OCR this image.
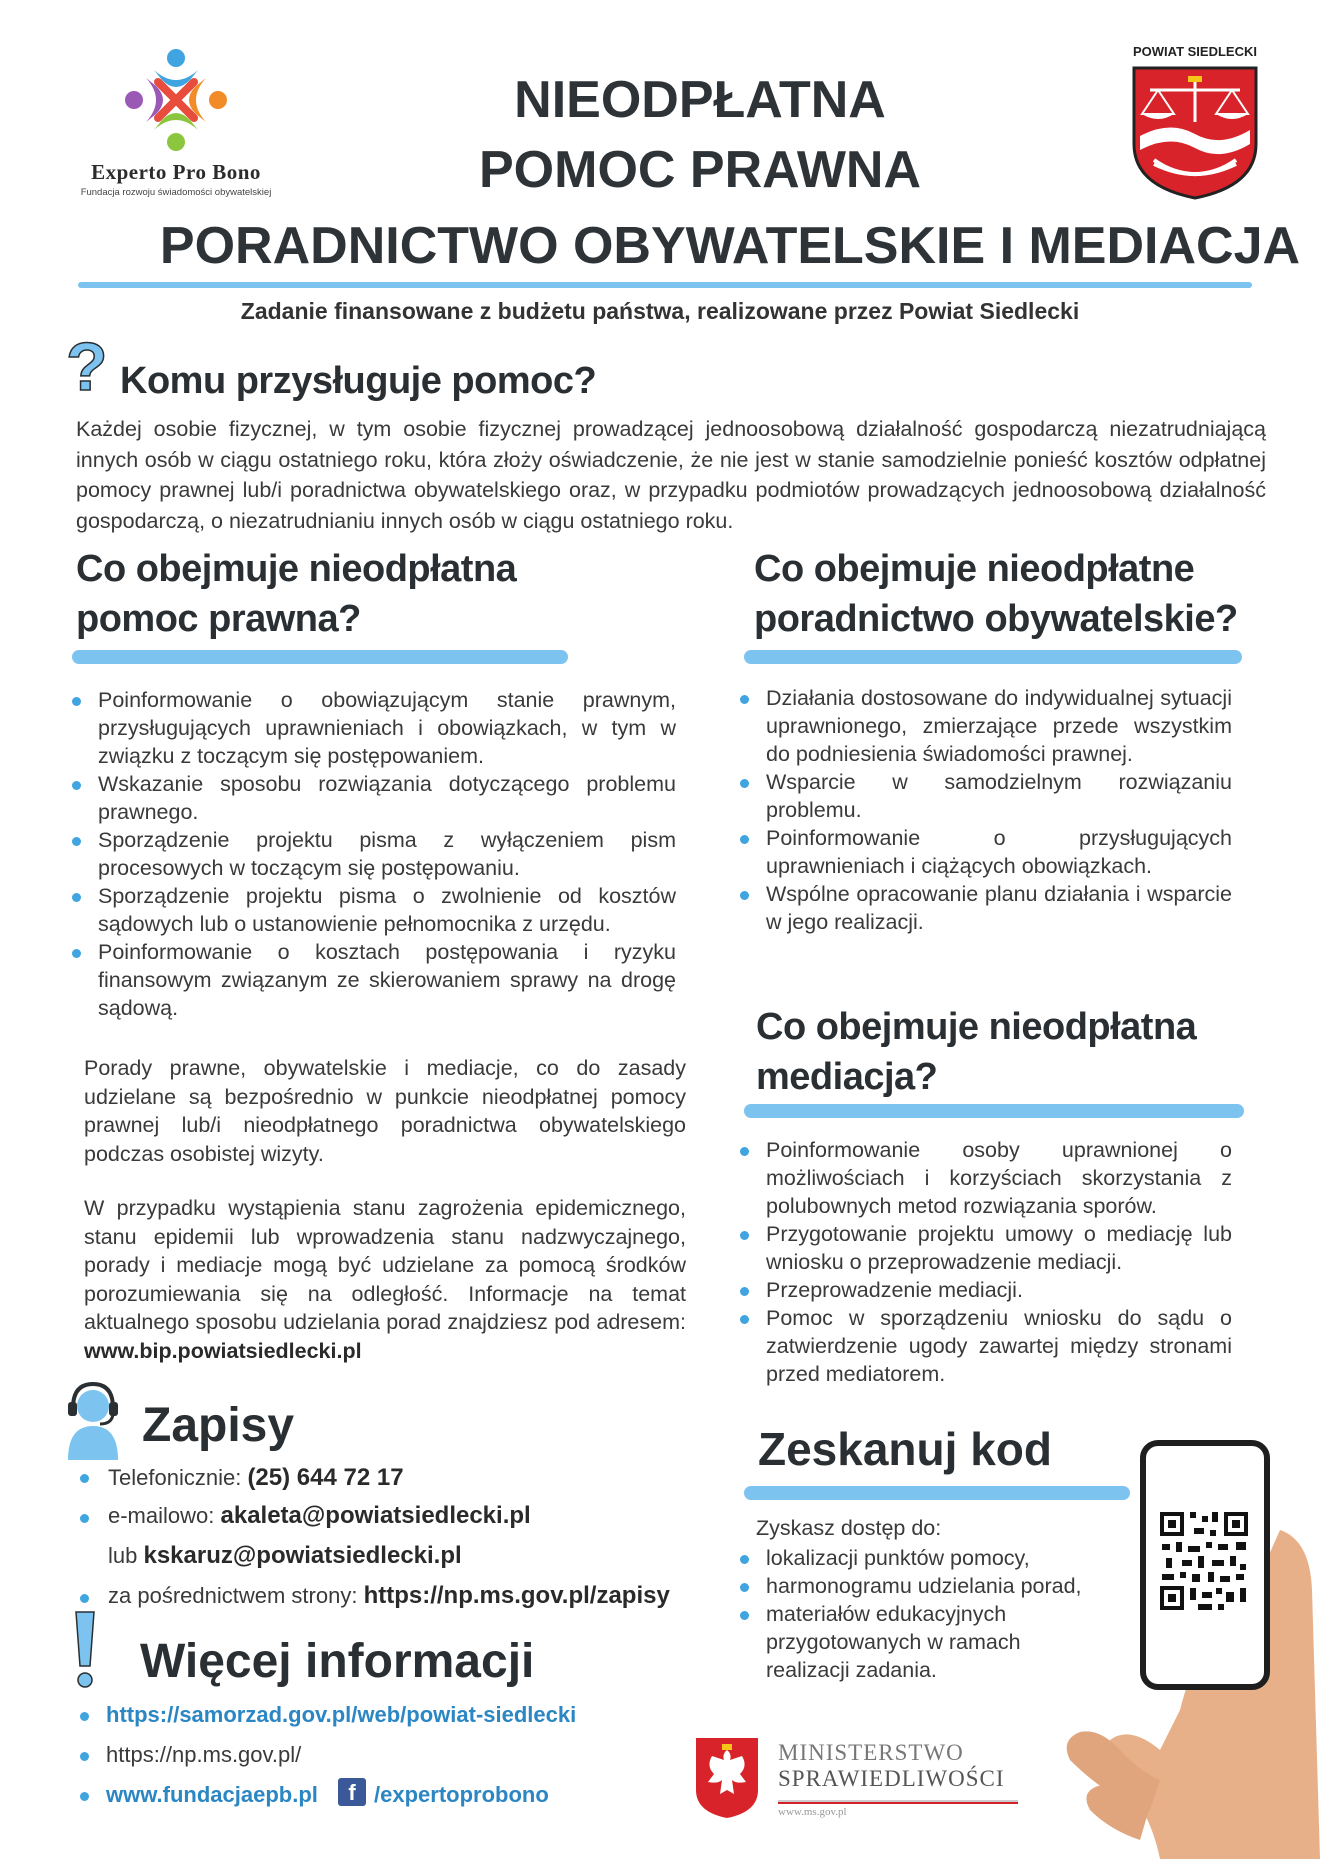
Experto Pro Bono
Fundacja rozwoju świadomości obywatelskiej
NIEODPŁATNA
POMOC PRAWNA
PORADNICTWO OBYWATELSKIE I MEDIACJA
POWIAT SIEDLECKI
Zadanie finansowane z budżetu państwa, realizowane przez Powiat Siedlecki
? Komu przysługuje pomoc?
Każdej osobie fizycznej, w tym osobie fizycznej prowadzącej jednoosobową działalność gospodarczą niezatrudniającą innych osób w ciągu ostatniego roku, która złoży oświadczenie, że nie jest w stanie samodzielnie ponieść kosztów odpłatnej pomocy prawnej lub/i poradnictwa obywatelskiego oraz, w przypadku podmiotów prowadzących jednoosobową działalność gospodarczą, o niezatrudnianiu innych osób w ciągu ostatniego roku.
Co obejmuje nieodpłatna
pomoc prawna?
Poinformowanie o obowiązującym stanie prawnym, przysługujących uprawnieniach i obowiązkach, w tym w związku z toczącym się postępowaniem.
Wskazanie sposobu rozwiązania dotyczącego problemu prawnego.
Sporządzenie projektu pisma z wyłączeniem pism procesowych w toczącym się postępowaniu.
Sporządzenie projektu pisma o zwolnienie od kosztów sądowych lub o ustanowienie pełnomocnika z urzędu.
Poinformowanie o kosztach postępowania i ryzyku finansowym związanym ze skierowaniem sprawy na drogę sądową.
Porady prawne, obywatelskie i mediacje, co do zasady udzielane są bezpośrednio w punkcie nieodpłatnej pomocy prawnej lub/i nieodpłatnego poradnictwa obywatelskiego podczas osobistej wizyty.
W przypadku wystąpienia stanu zagrożenia epidemicznego, stanu epidemii lub wprowadzenia stanu nadzwyczajnego, porady i mediacje mogą być udzielane za pomocą środków porozumiewania się na odległość. Informacje na temat aktualnego sposobu udzielania porad znajdziesz pod adresem: www.bip.powiatsiedlecki.pl
Co obejmuje nieodpłatne
poradnictwo obywatelskie?
Działania dostosowane do indywidualnej sytuacji uprawnionego, zmierzające przede wszystkim do podniesienia świadomości prawnej.
Wsparcie w samodzielnym rozwiązaniu problemu.
Poinformowanie o przysługujących uprawnieniach i ciążących obowiązkach.
Wspólne opracowanie planu działania i wsparcie w jego realizacji.
Co obejmuje nieodpłatna
mediacja?
Poinformowanie osoby uprawnionej o możliwościach i korzyściach skorzystania z polubownych metod rozwiązania sporów.
Przygotowanie projektu umowy o mediację lub wniosku o przeprowadzenie mediacji.
Przeprowadzenie mediacji.
Pomoc w sporządzeniu wniosku do sądu o zatwierdzenie ugody zawartej między stronami przed mediatorem.
Zapisy
Telefonicznie: (25) 644 72 17
e-mailowo: akaleta@powiatsiedlecki.pl
lub kskaruz@powiatsiedlecki.pl
za pośrednictwem strony: https://np.ms.gov.pl/zapisy
Więcej informacji
https://samorzad.gov.pl/web/powiat-siedlecki
https://np.ms.gov.pl/
www.fundacjaepb.pl	f /expertoprobono
Zeskanuj kod
Zyskasz dostęp do:
lokalizacji punktów pomocy,
harmonogramu udzielania porad,
materiałów edukacyjnych przygotowanych w ramach realizacji zadania.
MINISTERSTWO
SPRAWIEDLIWOŚCI
www.ms.gov.pl
